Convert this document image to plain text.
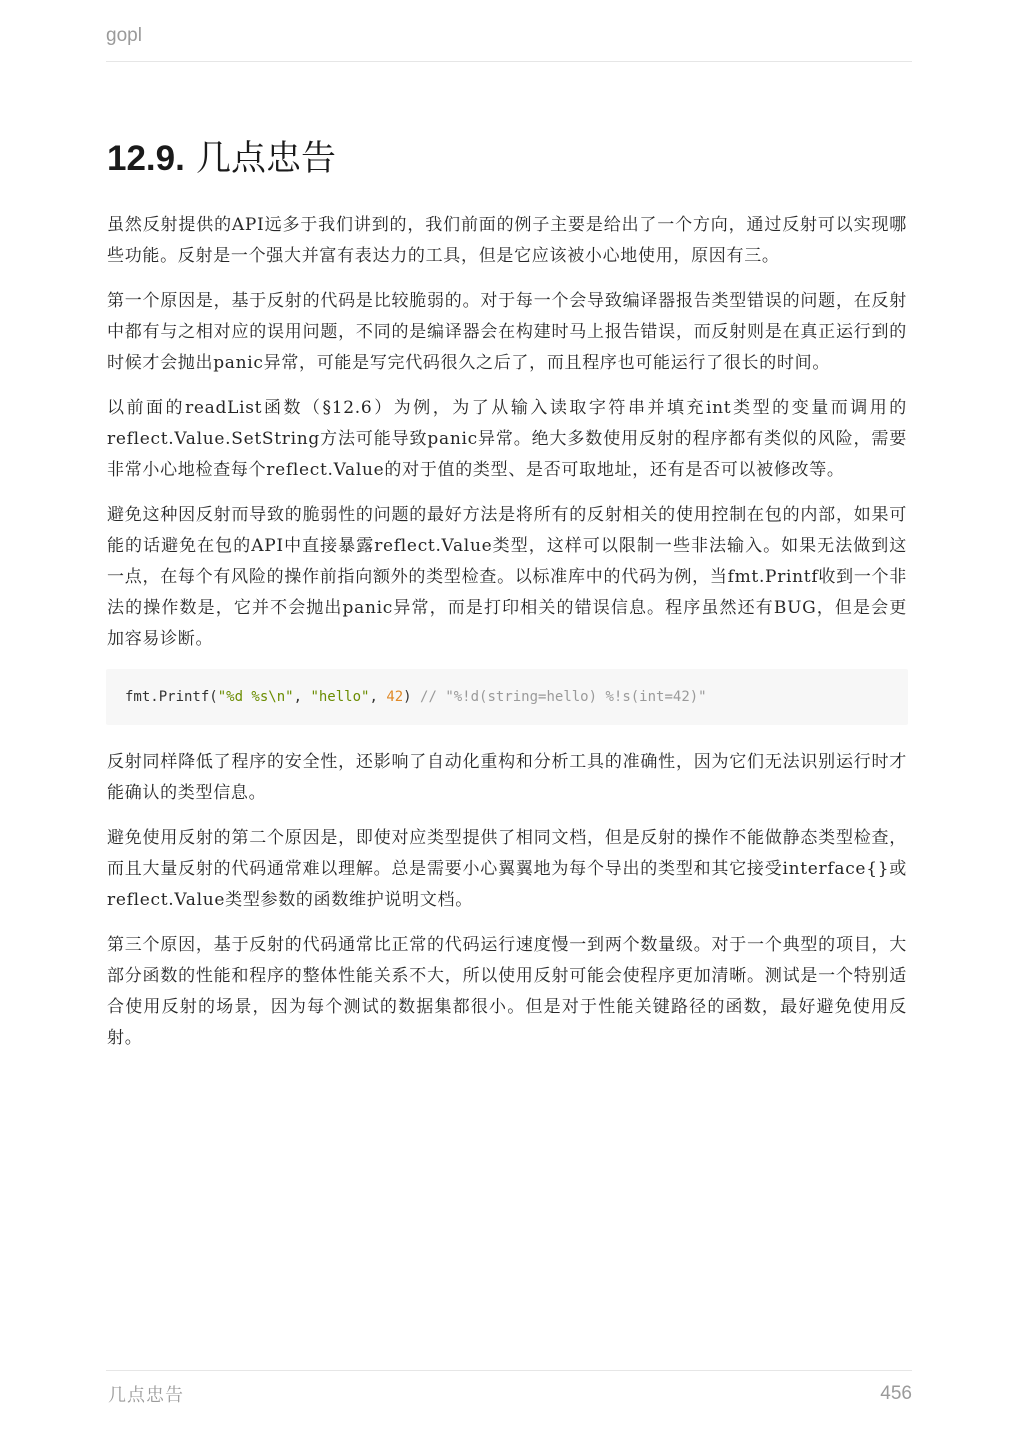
gopl
12.9. 几点忠告

虽然反射提供的API远多于我们讲到的，我们前面的例子主要是给出了一个方向，通过反射可以实现哪些功能。反射是一个强大并富有表达力的工具，但是它应该被小心地使用，原因有三。

第一个原因是，基于反射的代码是比较脆弱的。对于每一个会导致编译器报告类型错误的问题，在反射中都有与之相对应的误用问题，不同的是编译器会在构建时马上报告错误，而反射则是在真正运行到的时候才会抛出panic异常，可能是写完代码很久之后了，而且程序也可能运行了很长的时间。

以前面的readList函数（§12.6）为例，为了从输入读取字符串并填充int类型的变量而调用的reflect.Value.SetString方法可能导致panic异常。绝大多数使用反射的程序都有类似的风险，需要非常小心地检查每个reflect.Value的对于值的类型、是否可取地址，还有是否可以被修改等。

避免这种因反射而导致的脆弱性的问题的最好方法是将所有的反射相关的使用控制在包的内部，如果可能的话避免在包的API中直接暴露reflect.Value类型，这样可以限制一些非法输入。如果无法做到这一点，在每个有风险的操作前指向额外的类型检查。以标准库中的代码为例，当fmt.Printf收到一个非法的操作数是，它并不会抛出panic异常，而是打印相关的错误信息。程序虽然还有BUG，但是会更加容易诊断。

fmt.Printf("%d %s\n", "hello", 42) // "%!d(string=hello) %!s(int=42)"

反射同样降低了程序的安全性，还影响了自动化重构和分析工具的准确性，因为它们无法识别运行时才能确认的类型信息。

避免使用反射的第二个原因是，即使对应类型提供了相同文档，但是反射的操作不能做静态类型检查，而且大量反射的代码通常难以理解。总是需要小心翼翼地为每个导出的类型和其它接受interface{}或reflect.Value类型参数的函数维护说明文档。

第三个原因，基于反射的代码通常比正常的代码运行速度慢一到两个数量级。对于一个典型的项目，大部分函数的性能和程序的整体性能关系不大，所以使用反射可能会使程序更加清晰。测试是一个特别适合使用反射的场景，因为每个测试的数据集都很小。但是对于性能关键路径的函数，最好避免使用反射。

几点忠告	456
